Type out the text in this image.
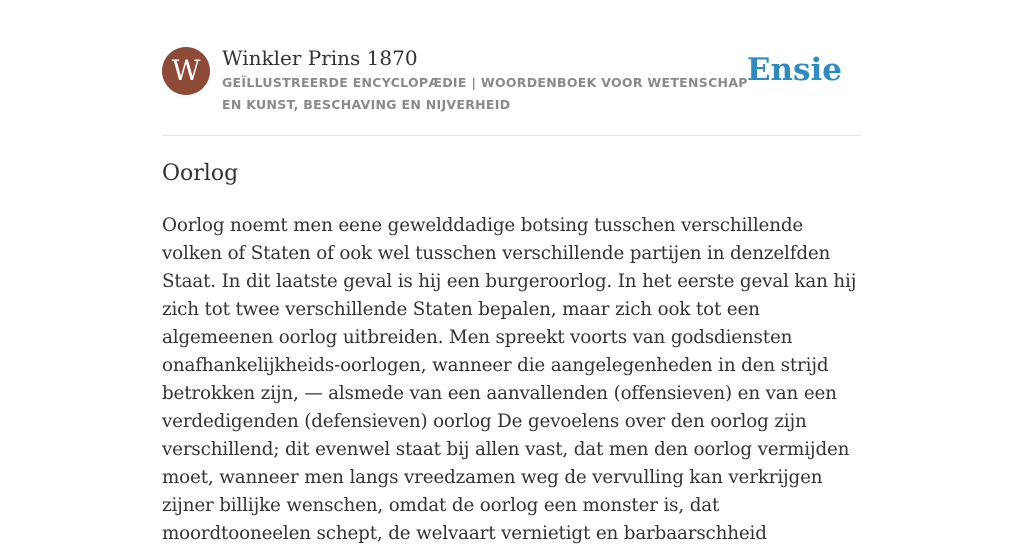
W	Winkler Prins 1870
GEÏLLUSTREERDE ENCYCLOPÆDIE | WOORDENBOEK VOOR WETENSCHAP EN KUNST, BESCHAVING EN NIJVERHEID
Ensie
Oorlog

Oorlog noemt men eene gewelddadige botsing tusschen verschillende volken of Staten of ook wel tusschen verschillende partijen in denzelfden Staat. In dit laatste geval is hij een burgeroorlog. In het eerste geval kan hij zich tot twee verschillende Staten bepalen, maar zich ook tot een algemeenen oorlog uitbreiden. Men spreekt voorts van godsdiensten onafhankelijkheids-oorlogen, wanneer die aangelegenheden in den strijd betrokken zijn, — alsmede van een aanvallenden (offensieven) en van een verdedigenden (defensieven) oorlog De gevoelens over den oorlog zijn verschillend; dit evenwel staat bij allen vast, dat men den oorlog vermijden moet, wanneer men langs vreedzamen weg de vervulling kan verkrijgen zijner billijke wenschen, omdat de oorlog een monster is, dat moordtooneelen schept, de welvaart vernietigt en barbaarschheid
